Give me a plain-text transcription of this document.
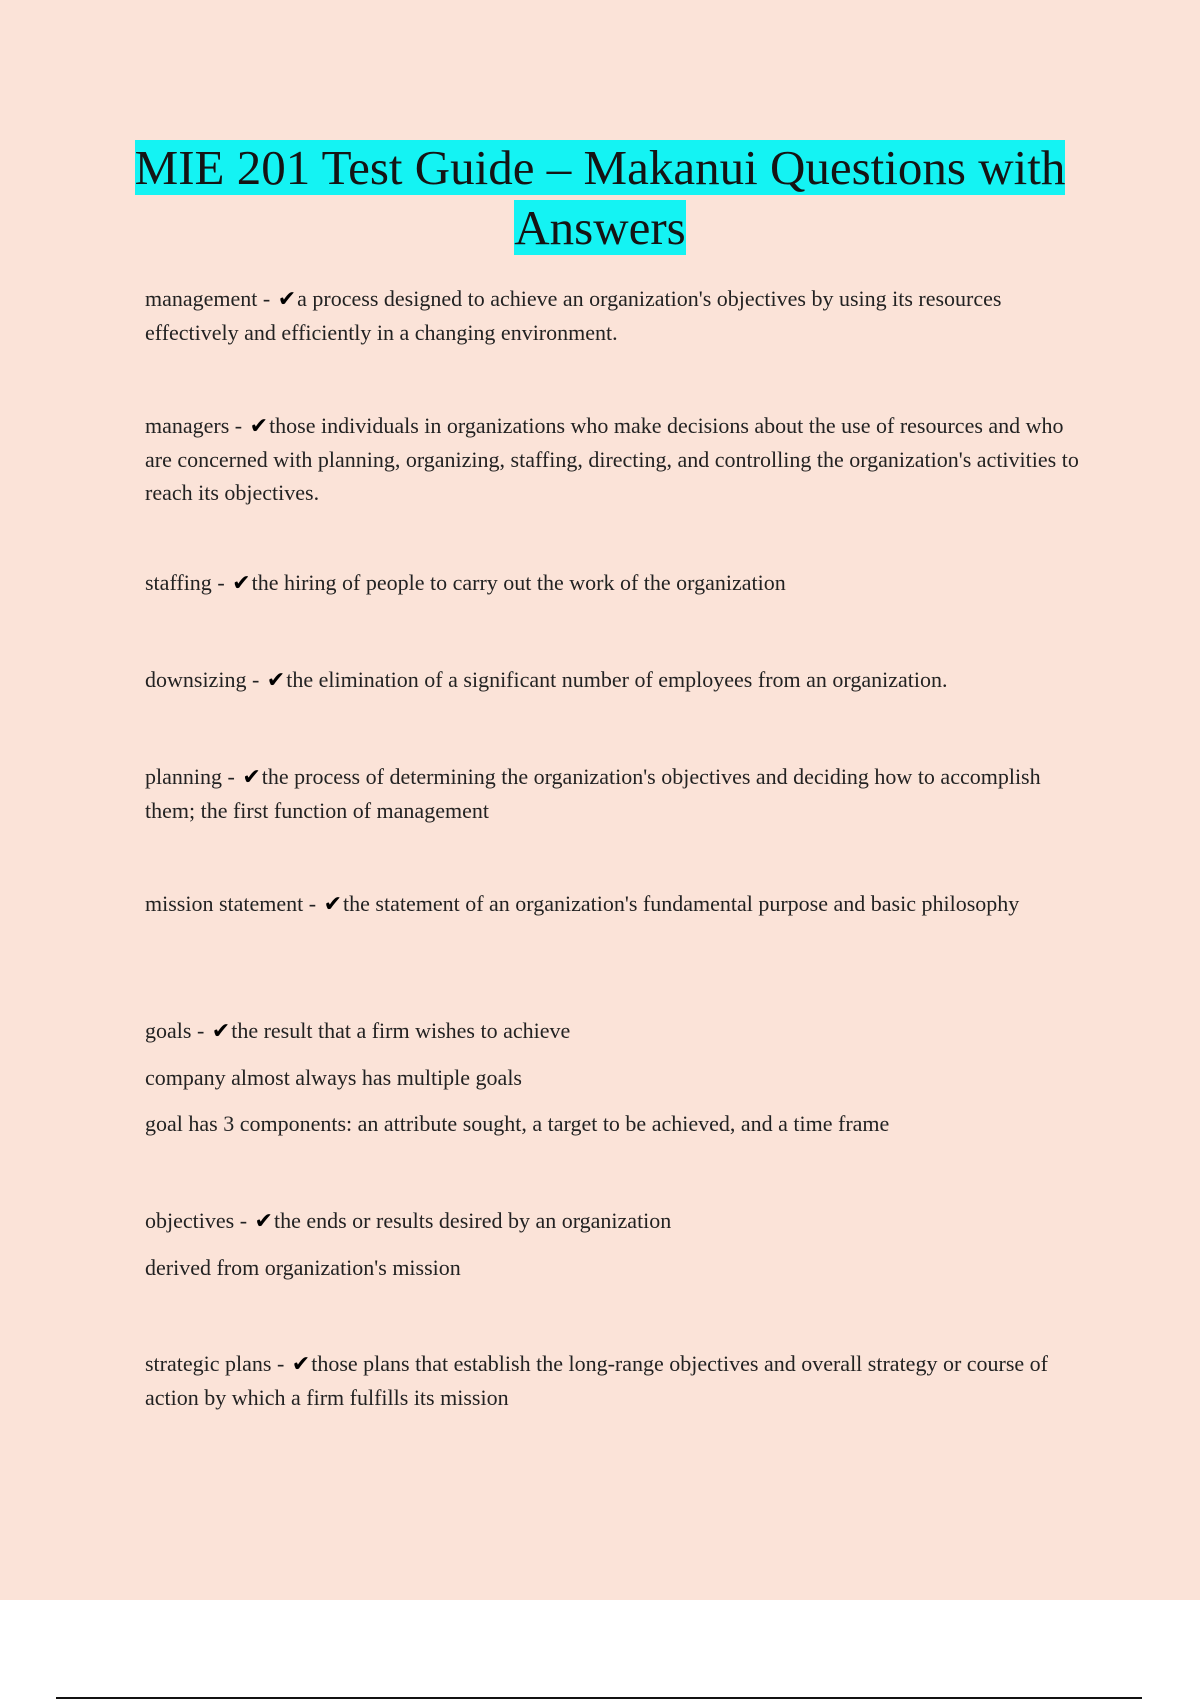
MIE 201 Test Guide – Makanui Questions with Answers

management - ✔a process designed to achieve an organization's objectives by using its resources effectively and efficiently in a changing environment.

managers - ✔those individuals in organizations who make decisions about the use of resources and who are concerned with planning, organizing, staffing, directing, and controlling the organization's activities to reach its objectives.

staffing - ✔the hiring of people to carry out the work of the organization

downsizing - ✔the elimination of a significant number of employees from an organization.

planning - ✔the process of determining the organization's objectives and deciding how to accomplish them; the first function of management

mission statement - ✔the statement of an organization's fundamental purpose and basic philosophy

goals - ✔the result that a firm wishes to achieve

company almost always has multiple goals

goal has 3 components: an attribute sought, a target to be achieved, and a time frame

objectives - ✔the ends or results desired by an organization

derived from organization's mission

strategic plans - ✔those plans that establish the long-range objectives and overall strategy or course of action by which a firm fulfills its mission
